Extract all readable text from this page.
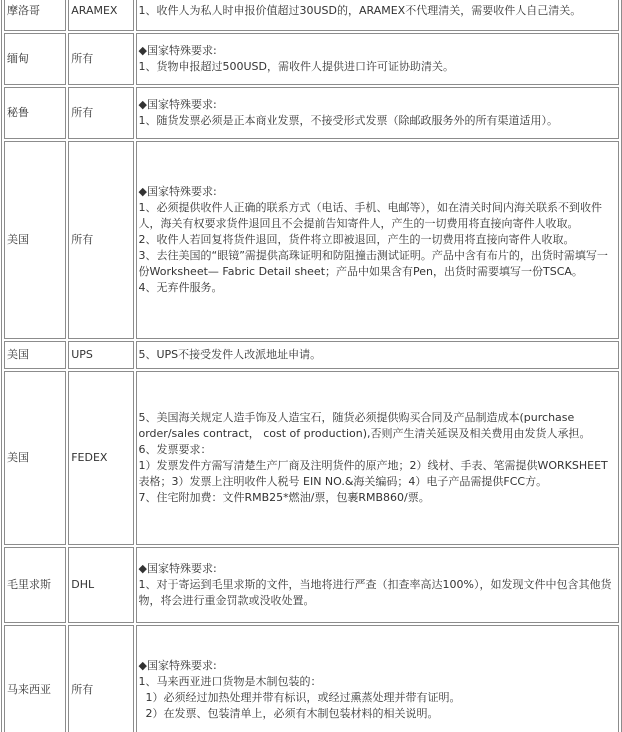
摩洛哥	ARAMEX	1、收件人为私人时申报价值超过30USD的，ARAMEX不代理清关，需要收件人自己清关。

缅甸	所有	◆国家特殊要求:
1、货物申报超过500USD，需收件人提供进口许可证协助清关。

秘鲁	所有	◆国家特殊要求:
1、随货发票必须是正本商业发票，不接受形式发票（除邮政服务外的所有渠道适用）。

美国	所有	◆国家特殊要求:
1、必须提供收件人正确的联系方式（电话、手机、电邮等），如在清关时间内海关联系不到收件人，海关有权要求货件退回且不会提前告知寄件人，产生的一切费用将直接向寄件人收取。
2、收件人若回复将货件退回，货件将立即被退回，产生的一切费用将直接向寄件人收取。
3、去往美国的“眼镜”需提供高珠证明和防阻撞击测试证明。产品中含有布片的，出货时需填写一份Worksheet— Fabric Detail sheet；产品中如果含有Pen，出货时需要填写一份TSCA。
4、无弃件服务。

美国	UPS	5、UPS不接受发件人改派地址申请。

美国	FEDEX	5、美国海关规定人造手饰及人造宝石，随货必须提供购买合同及产品制造成本(purchase order/sales contract， cost of production),否则产生清关延误及相关费用由发货人承担。
6、发票要求：
1）发票发件方需写清楚生产厂商及注明货件的原产地；2）线材、手表、笔需提供WORKSHEET表格；3）发票上注明收件人税号 EIN NO.&海关编码；4）电子产品需提供FCC方。
7、住宅附加费：文件RMB25*燃油/票，包裹RMB860/票。

毛里求斯	DHL	◆国家特殊要求:
1、对于寄运到毛里求斯的文件，当地将进行严查（扣查率高达100%），如发现文件中包含其他货物，将会进行重金罚款或没收处置。

马来西亚	所有	◆国家特殊要求:
1、马来西亚进口货物是木制包装的：
1）必须经过加热处理并带有标识，或经过熏蒸处理并带有证明。
2）在发票、包装清单上，必须有木制包装材料的相关说明。
